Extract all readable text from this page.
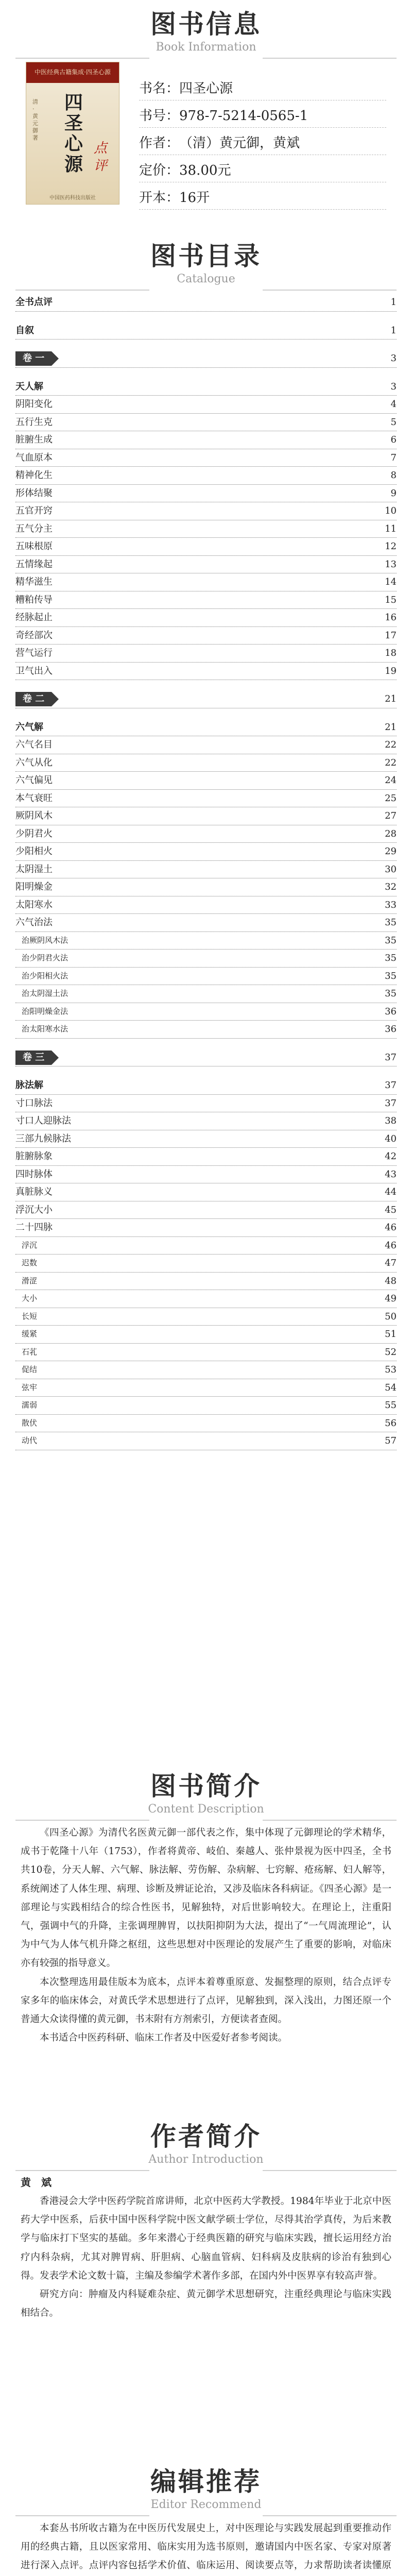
图书信息
Book Information
中医经典古籍集成·四圣心源
清·黄元御 著
四圣心源
点评
中国医药科技出版社
书名：四圣心源
书号：978-7-5214-0565-1
作者：（清）黄元御，黄斌
定价：38.00元
开本：16开
图书目录
Catalogue
全书点评	1
自叙	1
卷 一	3
天人解	3
阴阳变化	4
五行生克	5
脏腑生成	6
气血原本	7
精神化生	8
形体结聚	9
五官开窍	10
五气分主	11
五味根原	12
五情缘起	13
精华滋生	14
糟粕传导	15
经脉起止	16
奇经部次	17
营气运行	18
卫气出入	19
卷 二	21
六气解	21
六气名目	22
六气从化	22
六气偏见	24
本气衰旺	25
厥阴风木	27
少阴君火	28
少阳相火	29
太阴湿土	30
阳明燥金	32
太阳寒水	33
六气治法	35
治厥阴风木法	35
治少阴君火法	35
治少阳相火法	35
治太阴湿土法	35
治阳明燥金法	36
治太阳寒水法	36
卷 三	37
脉法解	37
寸口脉法	37
寸口人迎脉法	38
三部九候脉法	40
脏腑脉象	42
四时脉体	43
真脏脉义	44
浮沉大小	45
二十四脉	46
浮沉	46
迟数	47
滑涩	48
大小	49
长短	50
缓紧	51
石芤	52
促结	53
弦牢	54
濡弱	55
散伏	56
动代	57
图书简介
Content Description

《四圣心源》为清代名医黄元御一部代表之作，集中体现了元御理论的学术精华，成书于乾隆十八年（1753），作者将黄帝、岐伯、秦越人、张仲景视为医中四圣，全书共10卷，分天人解、六气解、脉法解、劳伤解、杂病解、七窍解、疮疡解、妇人解等，系统阐述了人体生理、病理、诊断及辨证论治，又涉及临床各科病证。《四圣心源》是一部理论与实践相结合的综合性医书，见解独特，对后世影响较大。在理论上，注重阳气，强调中气的升降，主张调理脾胃，以扶阳抑阴为大法，提出了“一气周流理论”，认为中气为人体气机升降之枢纽，这些思想对中医理论的发展产生了重要的影响，对临床亦有较强的指导意义。

本次整理选用最佳版本为底本，点评本着尊重原意、发掘整理的原则，结合点评专家多年的临床体会，对黄氏学术思想进行了点评，见解独到，深入浅出，力图还原一个普通大众读得懂的黄元御，书末附有方剂索引，方便读者查阅。

本书适合中医药科研、临床工作者及中医爱好者参考阅读。

作者简介
Author Introduction
黄　斌

香港浸会大学中医药学院首席讲师，北京中医药大学教授。1984年毕业于北京中医药大学中医系，后获中国中医科学院中医文献学硕士学位，尽得其治学真传，为后来教学与临床打下坚实的基础。多年来潜心于经典医籍的研究与临床实践，擅长运用经方治疗内科杂病，尤其对脾胃病、肝胆病、心脑血管病、妇科病及皮肤病的诊治有独到心得。发表学术论文数十篇，主编及参编学术著作多部，在国内外中医界享有较高声誉。

研究方向：肿瘤及内科疑难杂症、黄元御学术思想研究，注重经典理论与临床实践相结合。

编辑推荐
Editor Recommend

本套丛书所收古籍为在中医历代发展史上，对中医理论与实践发展起到重要推动作用的经典古籍，且以医家常用、临床实用为选书原则，邀请国内中医名家、专家对原著进行深入点评。点评内容包括学术价值、临床运用、阅读要点等，力求帮助读者读懂原
